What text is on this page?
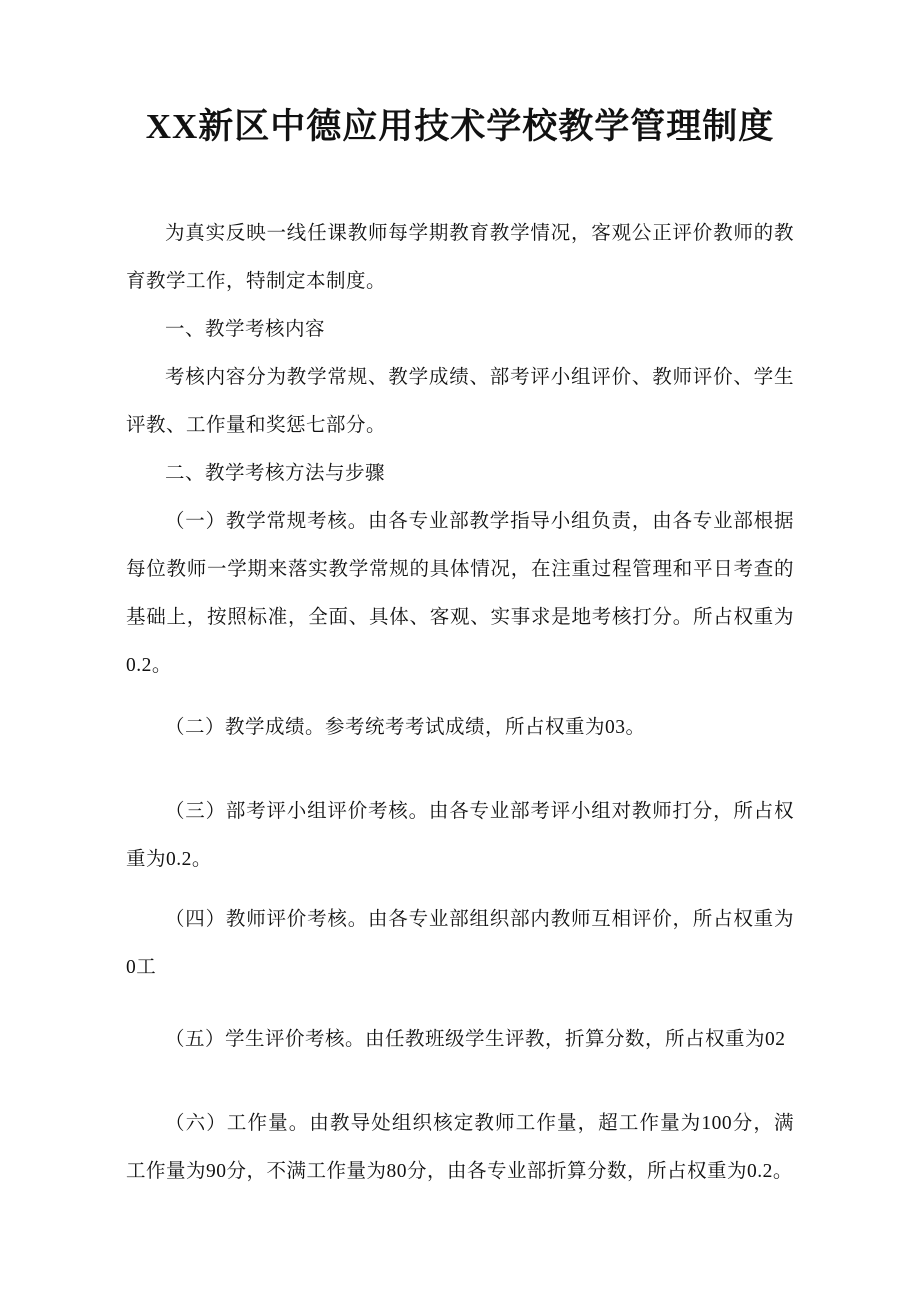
XX新区中德应用技术学校教学管理制度

为真实反映一线任课教师每学期教育教学情况，客观公正评价教师的教育教学工作，特制定本制度。

一、教学考核内容

考核内容分为教学常规、教学成绩、部考评小组评价、教师评价、学生评教、工作量和奖惩七部分。

二、教学考核方法与步骤

（一）教学常规考核。由各专业部教学指导小组负责，由各专业部根据每位教师一学期来落实教学常规的具体情况，在注重过程管理和平日考查的基础上，按照标准，全面、具体、客观、实事求是地考核打分。所占权重为0.2。

（二）教学成绩。参考统考考试成绩，所占权重为03。

（三）部考评小组评价考核。由各专业部考评小组对教师打分，所占权重为0.2。

（四）教师评价考核。由各专业部组织部内教师互相评价，所占权重为0工

（五）学生评价考核。由任教班级学生评教，折算分数，所占权重为02

（六）工作量。由教导处组织核定教师工作量，超工作量为100分，满工作量为90分，不满工作量为80分，由各专业部折算分数，所占权重为0.2。
